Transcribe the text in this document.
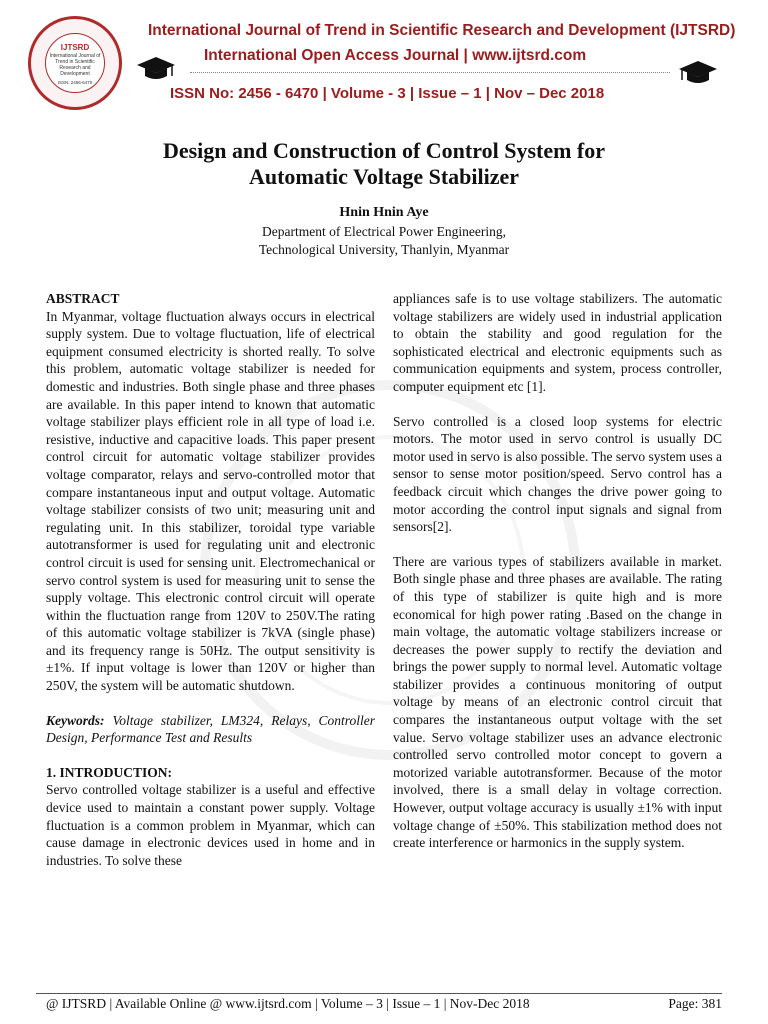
IJTSRD
International Journal of Trend in Scientific Research and Development
ISSN: 2456-6470
International Journal of Trend in Scientific Research and Development (IJTSRD)
International Open Access Journal | www.ijtsrd.com
ISSN No: 2456 - 6470 | Volume - 3 | Issue – 1 | Nov – Dec 2018
Design and Construction of Control System for
Automatic Voltage Stabilizer
Hnin Hnin Aye
Department of Electrical Power Engineering,
Technological University, Thanlyin, Myanmar

ABSTRACT

In Myanmar, voltage fluctuation always occurs in electrical supply system. Due to voltage fluctuation, life of electrical equipment consumed electricity is shorted really. To solve this problem, automatic voltage stabilizer is needed for domestic and industries. Both single phase and three phases are available. In this paper intend to known that automatic voltage stabilizer plays efficient role in all type of load i.e. resistive, inductive and capacitive loads. This paper present control circuit for automatic voltage stabilizer provides voltage comparator, relays and servo-controlled motor that compare instantaneous input and output voltage. Automatic voltage stabilizer consists of two unit; measuring unit and regulating unit. In this stabilizer, toroidal type variable autotransformer is used for regulating unit and electronic control circuit is used for sensing unit. Electromechanical or servo control system is used for measuring unit to sense the supply voltage. This electronic control circuit will operate within the fluctuation range from 120V to 250V.The rating of this automatic voltage stabilizer is 7kVA (single phase) and its frequency range is 50Hz. The output sensitivity is ±1%. If input voltage is lower than 120V or higher than 250V, the system will be automatic shutdown.

Keywords: Voltage stabilizer, LM324, Relays, Controller Design, Performance Test and Results

1. INTRODUCTION:

Servo controlled voltage stabilizer is a useful and effective device used to maintain a constant power supply. Voltage fluctuation is a common problem in Myanmar, which can cause damage in electronic devices used in home and in industries. To solve these

appliances safe is to use voltage stabilizers. The automatic voltage stabilizers are widely used in industrial application to obtain the stability and good regulation for the sophisticated electrical and electronic equipments such as communication equipments and system, process controller, computer equipment etc [1].

Servo controlled is a closed loop systems for electric motors. The motor used in servo control is usually DC motor used in servo is also possible. The servo system uses a sensor to sense motor position/speed. Servo control has a feedback circuit which changes the drive power going to motor according the control input signals and signal from sensors[2].

There are various types of stabilizers available in market. Both single phase and three phases are available. The rating of this type of stabilizer is quite high and is more economical for high power rating .Based on the change in main voltage, the automatic voltage stabilizers increase or decreases the power supply to rectify the deviation and brings the power supply to normal level. Automatic voltage stabilizer provides a continuous monitoring of output voltage by means of an electronic control circuit that compares the instantaneous output voltage with the set value. Servo voltage stabilizer uses an advance electronic controlled servo controlled motor concept to govern a motorized variable autotransformer. Because of the motor involved, there is a small delay in voltage correction. However, output voltage accuracy is usually ±1% with input voltage change of ±50%. This stabilization method does not create interference or harmonics in the supply system.

@ IJTSRD | Available Online @ www.ijtsrd.com | Volume – 3 | Issue – 1 | Nov-Dec 2018	Page: 381
